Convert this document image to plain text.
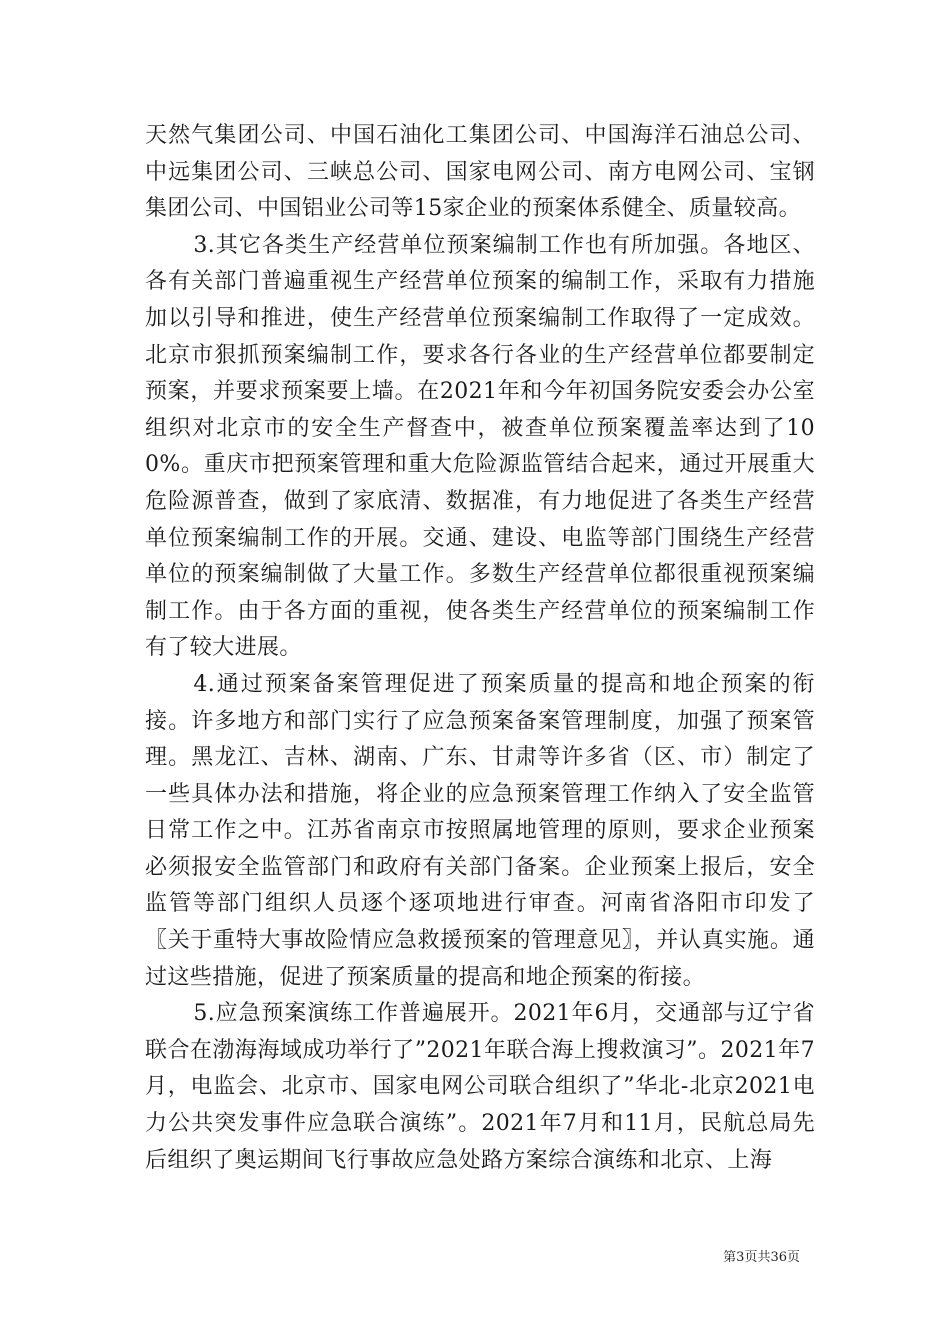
天然气集团公司、中国石油化工集团公司、中国海洋石油总公司、中远集团公司、三峡总公司、国家电网公司、南方电网公司、宝钢集团公司、中国铝业公司等15家企业的预案体系健全、质量较高。

3.其它各类生产经营单位预案编制工作也有所加强。各地区、各有关部门普遍重视生产经营单位预案的编制工作，采取有力措施加以引导和推进，使生产经营单位预案编制工作取得了一定成效。北京市狠抓预案编制工作，要求各行各业的生产经营单位都要制定预案，并要求预案要上墙。在2021年和今年初国务院安委会办公室组织对北京市的安全生产督查中，被查单位预案覆盖率达到了100%。重庆市把预案管理和重大危险源监管结合起来，通过开展重大危险源普查，做到了家底清、数据准，有力地促进了各类生产经营单位预案编制工作的开展。交通、建设、电监等部门围绕生产经营单位的预案编制做了大量工作。多数生产经营单位都很重视预案编制工作。由于各方面的重视，使各类生产经营单位的预案编制工作有了较大进展。

4.通过预案备案管理促进了预案质量的提高和地企预案的衔接。许多地方和部门实行了应急预案备案管理制度，加强了预案管理。黑龙江、吉林、湖南、广东、甘肃等许多省（区、市）制定了一些具体办法和措施，将企业的应急预案管理工作纳入了安全监管日常工作之中。江苏省南京市按照属地管理的原则，要求企业预案必须报安全监管部门和政府有关部门备案。企业预案上报后，安全监管等部门组织人员逐个逐项地进行审查。河南省洛阳市印发了〖关于重特大事故险情应急救援预案的管理意见〗，并认真实施。通过这些措施，促进了预案质量的提高和地企预案的衔接。

5.应急预案演练工作普遍展开。2021年6月，交通部与辽宁省联合在渤海海域成功举行了”2021年联合海上搜救演习”。2021年7月，电监会、北京市、国家电网公司联合组织了”华北-北京2021电力公共突发事件应急联合演练”。2021年7月和11月，民航总局先后组织了奥运期间飞行事故应急处路方案综合演练和北京、上海

第3页共36页
